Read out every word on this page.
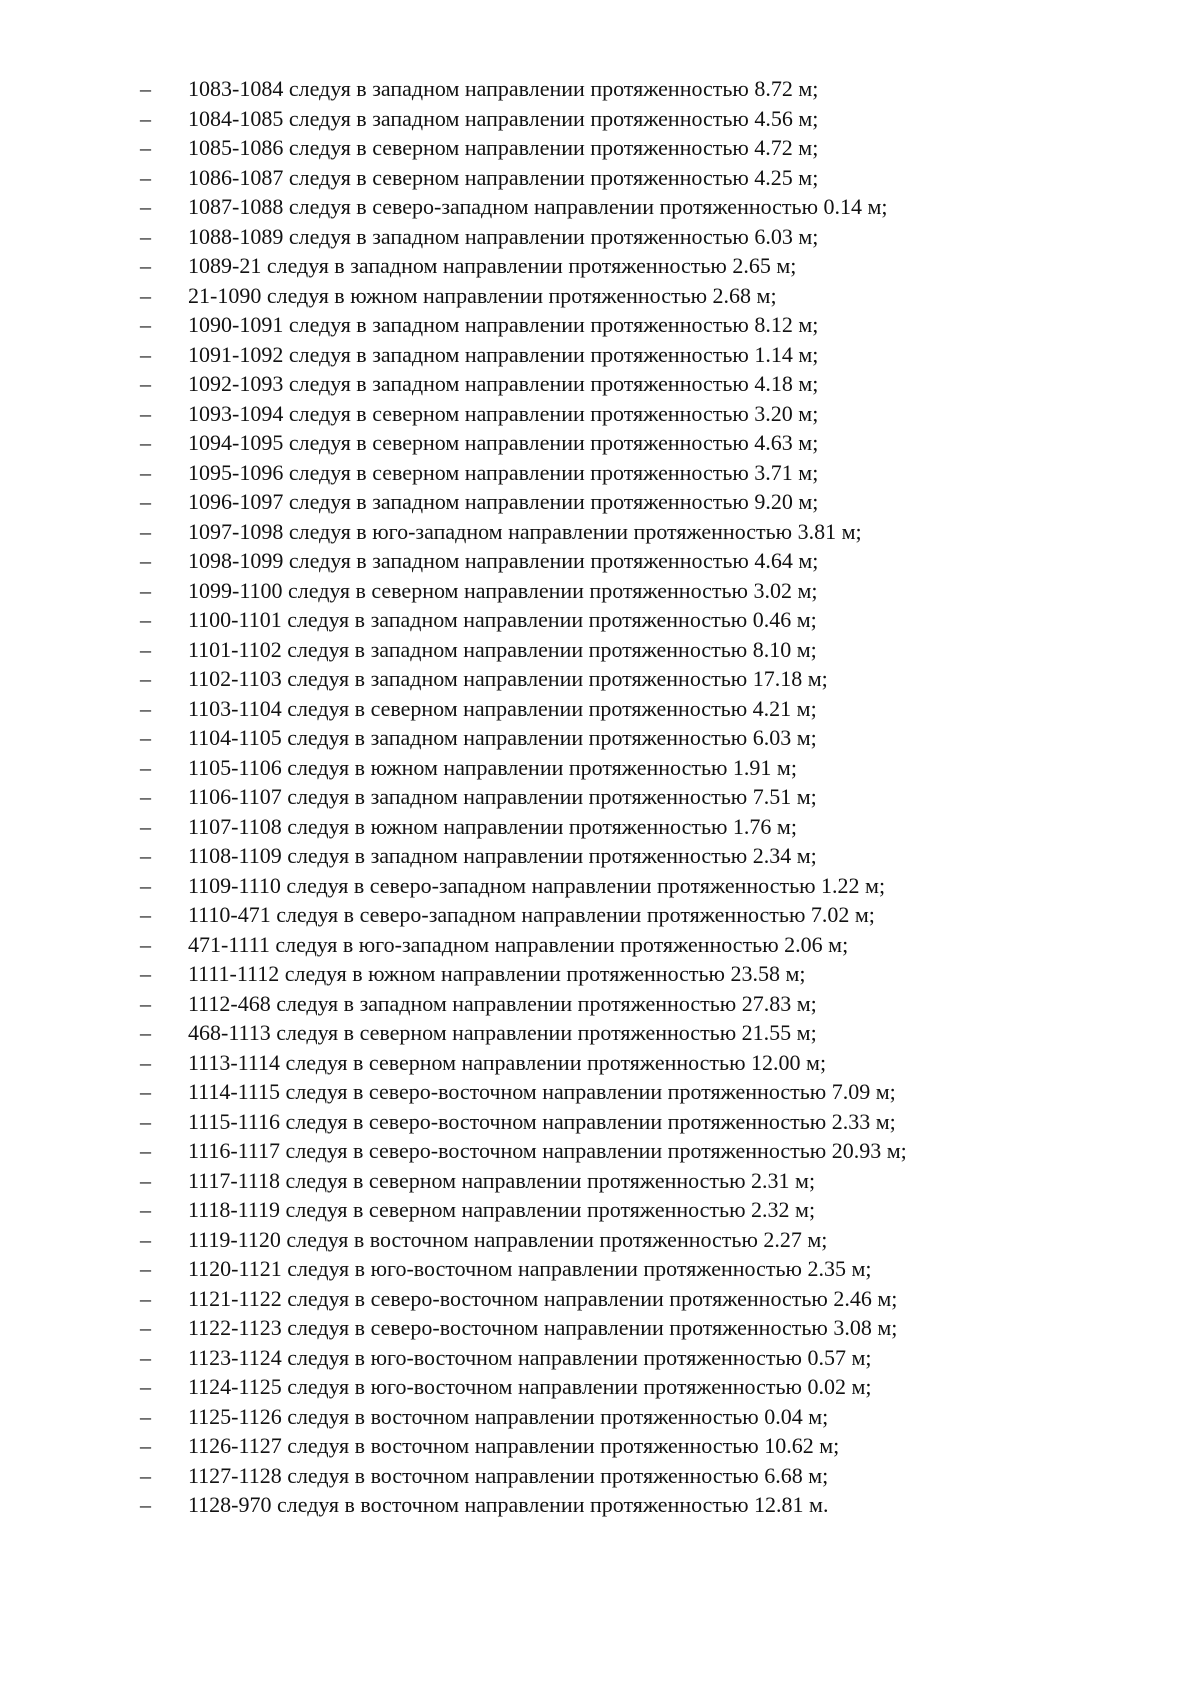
–	1083-1084 следуя в западном направлении протяженностью 8.72 м;
–	1084-1085 следуя в западном направлении протяженностью 4.56 м;
–	1085-1086 следуя в северном направлении протяженностью 4.72 м;
–	1086-1087 следуя в северном направлении протяженностью 4.25 м;
–	1087-1088 следуя в северо-западном направлении протяженностью 0.14 м;
–	1088-1089 следуя в западном направлении протяженностью 6.03 м;
–	1089-21 следуя в западном направлении протяженностью 2.65 м;
–	21-1090 следуя в южном направлении протяженностью 2.68 м;
–	1090-1091 следуя в западном направлении протяженностью 8.12 м;
–	1091-1092 следуя в западном направлении протяженностью 1.14 м;
–	1092-1093 следуя в западном направлении протяженностью 4.18 м;
–	1093-1094 следуя в северном направлении протяженностью 3.20 м;
–	1094-1095 следуя в северном направлении протяженностью 4.63 м;
–	1095-1096 следуя в северном направлении протяженностью 3.71 м;
–	1096-1097 следуя в западном направлении протяженностью 9.20 м;
–	1097-1098 следуя в юго-западном направлении протяженностью 3.81 м;
–	1098-1099 следуя в западном направлении протяженностью 4.64 м;
–	1099-1100 следуя в северном направлении протяженностью 3.02 м;
–	1100-1101 следуя в западном направлении протяженностью 0.46 м;
–	1101-1102 следуя в западном направлении протяженностью 8.10 м;
–	1102-1103 следуя в западном направлении протяженностью 17.18 м;
–	1103-1104 следуя в северном направлении протяженностью 4.21 м;
–	1104-1105 следуя в западном направлении протяженностью 6.03 м;
–	1105-1106 следуя в южном направлении протяженностью 1.91 м;
–	1106-1107 следуя в западном направлении протяженностью 7.51 м;
–	1107-1108 следуя в южном направлении протяженностью 1.76 м;
–	1108-1109 следуя в западном направлении протяженностью 2.34 м;
–	1109-1110 следуя в северо-западном направлении протяженностью 1.22 м;
–	1110-471 следуя в северо-западном направлении протяженностью 7.02 м;
–	471-1111 следуя в юго-западном направлении протяженностью 2.06 м;
–	1111-1112 следуя в южном направлении протяженностью 23.58 м;
–	1112-468 следуя в западном направлении протяженностью 27.83 м;
–	468-1113 следуя в северном направлении протяженностью 21.55 м;
–	1113-1114 следуя в северном направлении протяженностью 12.00 м;
–	1114-1115 следуя в северо-восточном направлении протяженностью 7.09 м;
–	1115-1116 следуя в северо-восточном направлении протяженностью 2.33 м;
–	1116-1117 следуя в северо-восточном направлении протяженностью 20.93 м;
–	1117-1118 следуя в северном направлении протяженностью 2.31 м;
–	1118-1119 следуя в северном направлении протяженностью 2.32 м;
–	1119-1120 следуя в восточном направлении протяженностью 2.27 м;
–	1120-1121 следуя в юго-восточном направлении протяженностью 2.35 м;
–	1121-1122 следуя в северо-восточном направлении протяженностью 2.46 м;
–	1122-1123 следуя в северо-восточном направлении протяженностью 3.08 м;
–	1123-1124 следуя в юго-восточном направлении протяженностью 0.57 м;
–	1124-1125 следуя в юго-восточном направлении протяженностью 0.02 м;
–	1125-1126 следуя в восточном направлении протяженностью 0.04 м;
–	1126-1127 следуя в восточном направлении протяженностью 10.62 м;
–	1127-1128 следуя в восточном направлении протяженностью 6.68 м;
–	1128-970 следуя в восточном направлении протяженностью 12.81 м.
